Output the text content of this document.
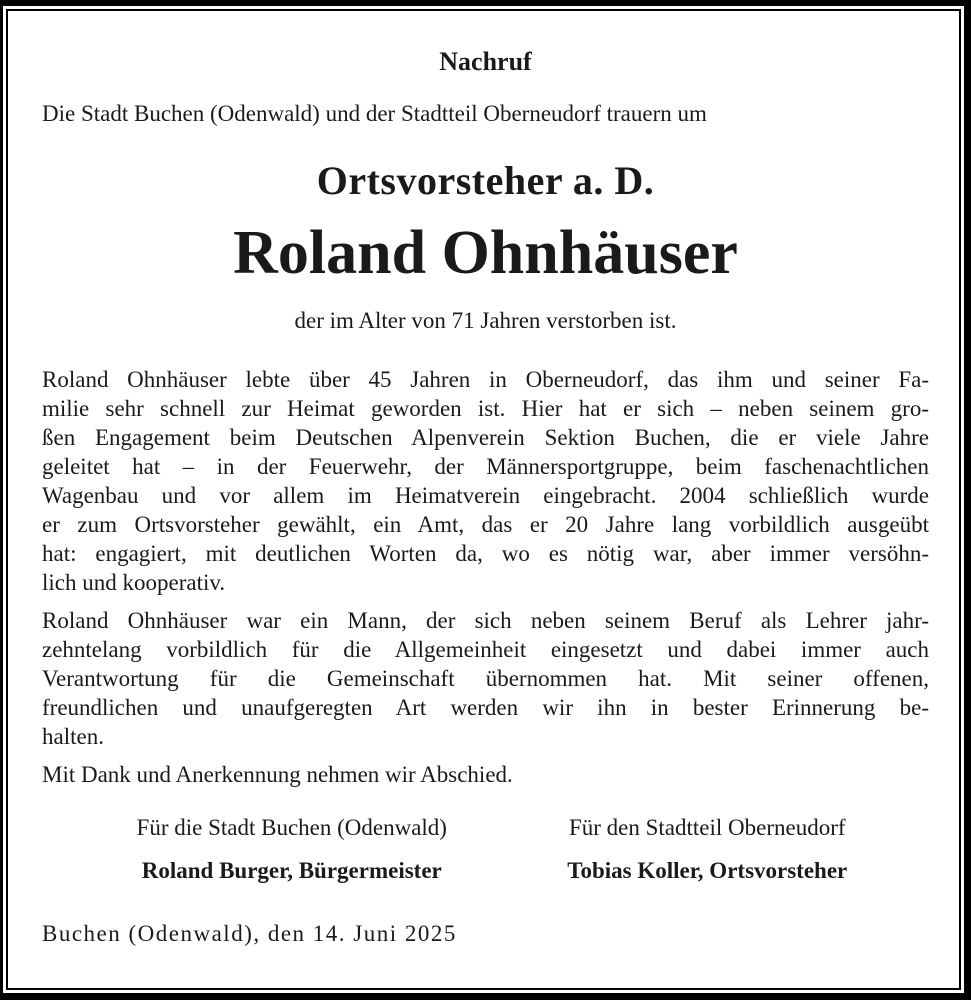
Nachruf

Die Stadt Buchen (Odenwald) und der Stadtteil Oberneudorf trauern um

Ortsvorsteher a. D.
Roland Ohnhäuser

der im Alter von 71 Jahren verstorben ist.

Roland Ohnhäuser lebte über 45 Jahren in Oberneudorf, das ihm und seiner Fa-
milie sehr schnell zur Heimat geworden ist. Hier hat er sich – neben seinem gro-
ßen Engagement beim Deutschen Alpenverein Sektion Buchen, die er viele Jahre
geleitet hat – in der Feuerwehr, der Männersportgruppe, beim faschenachtlichen
Wagenbau und vor allem im Heimatverein eingebracht. 2004 schließlich wurde
er zum Ortsvorsteher gewählt, ein Amt, das er 20 Jahre lang vorbildlich ausgeübt
hat: engagiert, mit deutlichen Worten da, wo es nötig war, aber immer versöhn-
lich und kooperativ.
Roland Ohnhäuser war ein Mann, der sich neben seinem Beruf als Lehrer jahr-
zehntelang vorbildlich für die Allgemeinheit eingesetzt und dabei immer auch
Verantwortung für die Gemeinschaft übernommen hat. Mit seiner offenen,
freundlichen und unaufgeregten Art werden wir ihn in bester Erinnerung be-
halten.

Mit Dank und Anerkennung nehmen wir Abschied.

Für die Stadt Buchen (Odenwald)
Roland Burger, Bürgermeister
Für den Stadtteil Oberneudorf
Tobias Koller, Ortsvorsteher

Buchen (Odenwald), den 14. Juni 2025
